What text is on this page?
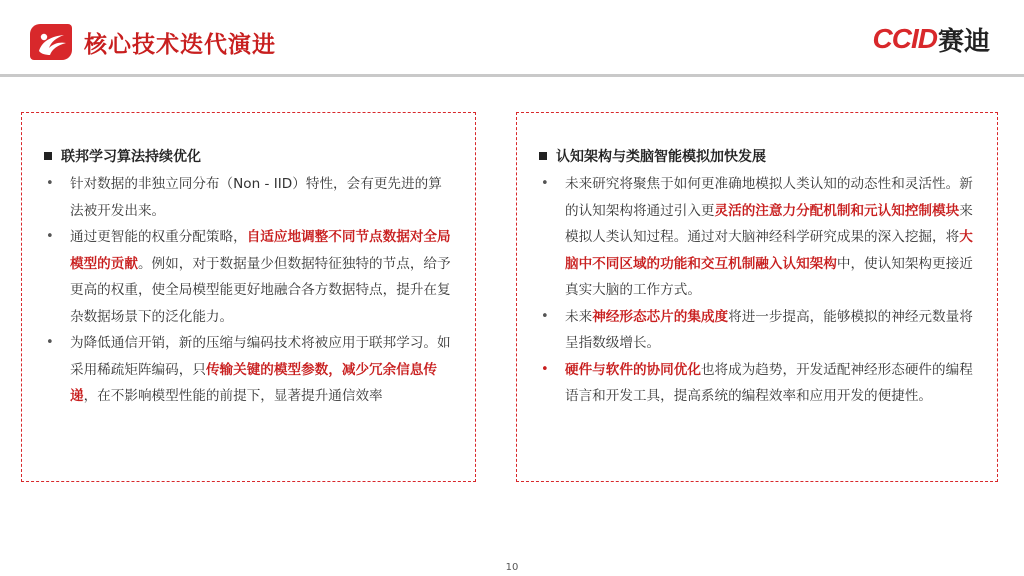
核心技术迭代演进	CCID 赛迪
联邦学习算法持续优化
•	针对数据的非独立同分布（Non - IID）特性，会有更先进的算法被开发出来。
•	通过更智能的权重分配策略，自适应地调整不同节点数据对全局模型的贡献。例如，对于数据量少但数据特征独特的节点，给予更高的权重，使全局模型能更好地融合各方数据特点，提升在复杂数据场景下的泛化能力。
•	为降低通信开销，新的压缩与编码技术将被应用于联邦学习。如采用稀疏矩阵编码，只传输关键的模型参数，减少冗余信息传递，在不影响模型性能的前提下，显著提升通信效率
认知架构与类脑智能模拟加快发展
•	未来研究将聚焦于如何更准确地模拟人类认知的动态性和灵活性。新的认知架构将通过引入更灵活的注意力分配机制和元认知控制模块来模拟人类认知过程。通过对大脑神经科学研究成果的深入挖掘，将大脑中不同区域的功能和交互机制融入认知架构中，使认知架构更接近真实大脑的工作方式。
•	未来神经形态芯片的集成度将进一步提高，能够模拟的神经元数量将呈指数级增长。
•	硬件与软件的协同优化也将成为趋势，开发适配神经形态硬件的编程语言和开发工具，提高系统的编程效率和应用开发的便捷性。
10
